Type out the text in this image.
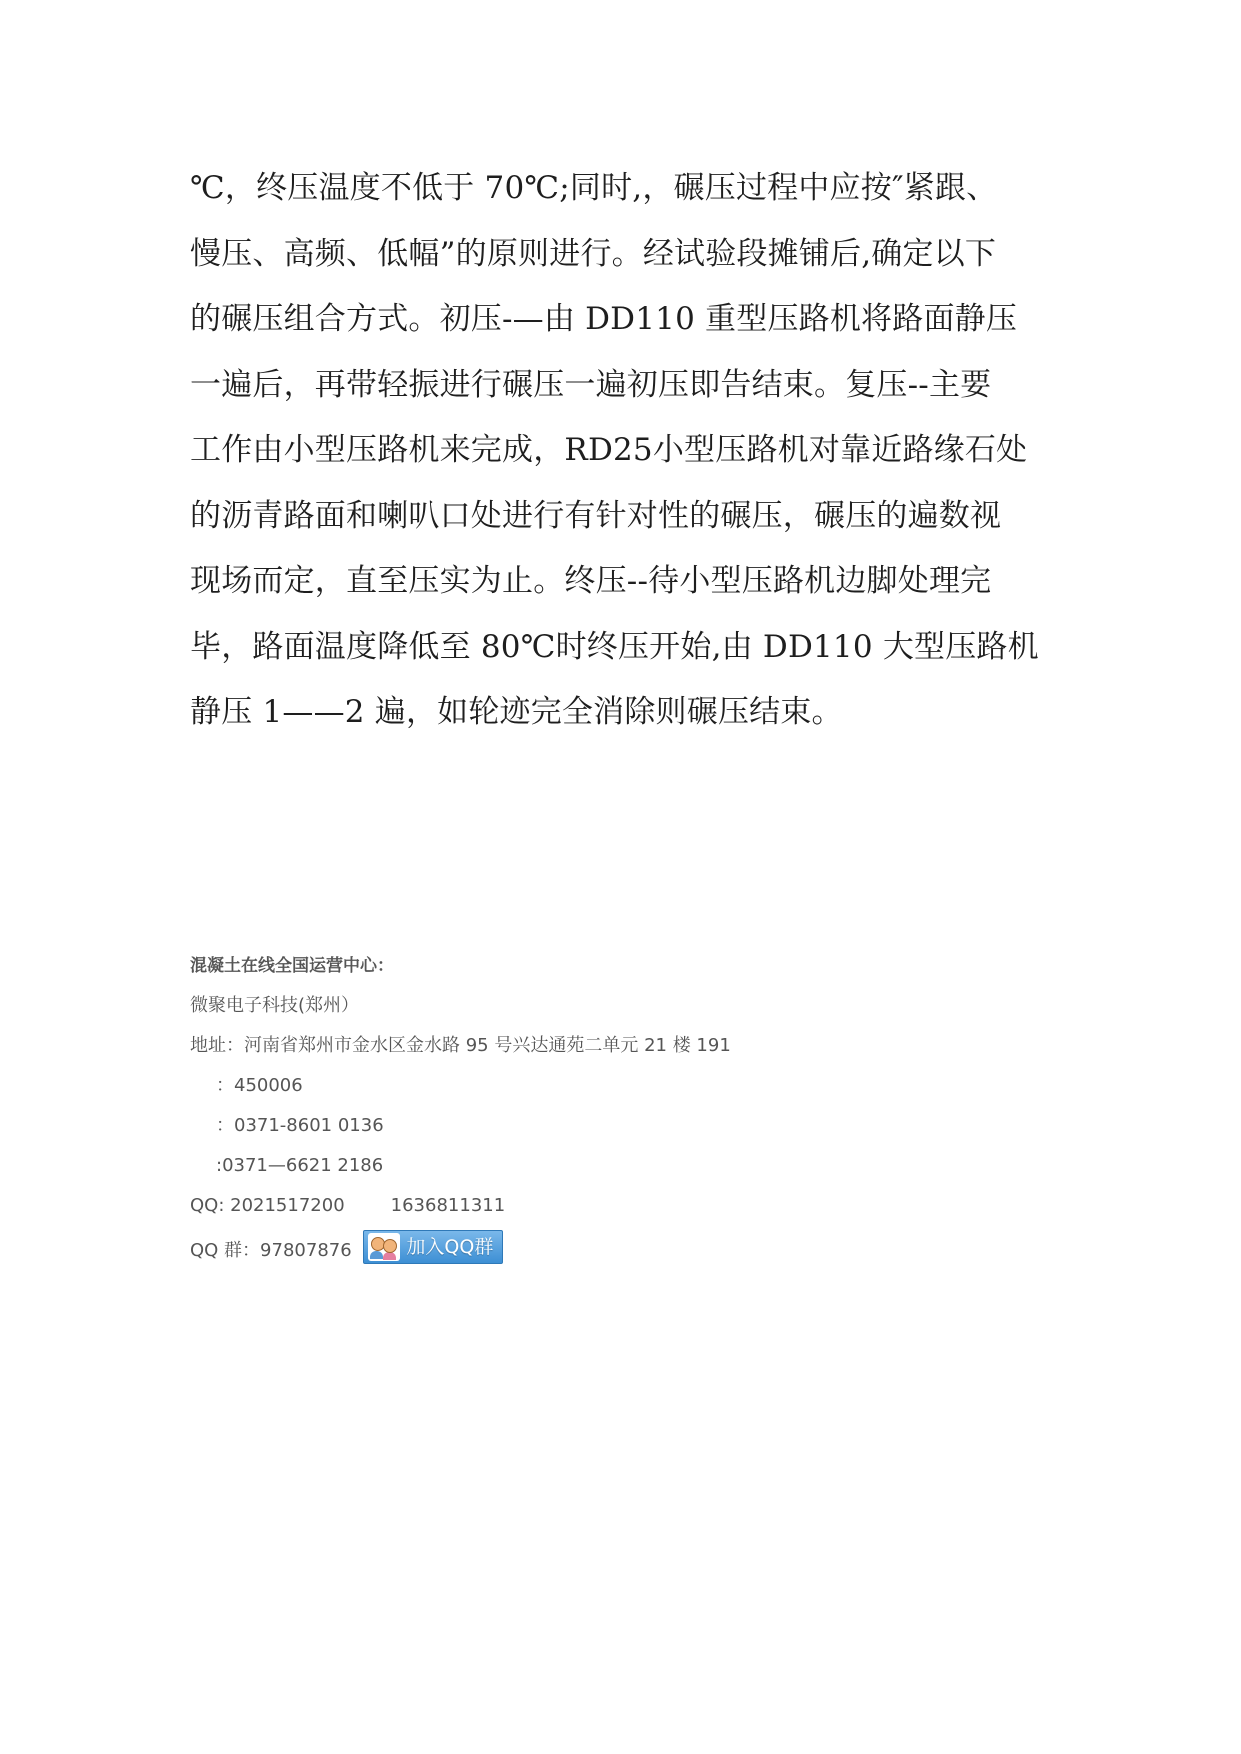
℃，终压温度不低于 70℃;同时,，碾压过程中应按″紧跟、
慢压、高频、低幅”的原则进行。经试验段摊铺后,确定以下
的碾压组合方式。初压-—由 DD110 重型压路机将路面静压
一遍后，再带轻振进行碾压一遍初压即告结束。复压--主要
工作由小型压路机来完成，RD25小型压路机对靠近路缘石处
的沥青路面和喇叭口处进行有针对性的碾压，碾压的遍数视
现场而定，直至压实为止。终压--待小型压路机边脚处理完
毕，路面温度降低至 80℃时终压开始,由 DD110 大型压路机
静压 1——2 遍，如轮迹完全消除则碾压结束。
混凝土在线全国运营中心：
微聚电子科技(郑州）
地址：河南省郑州市金水区金水路 95 号兴达通苑二单元 21 楼 191
：450006
：0371-8601 0136
:0371—6621 2186
QQ: 2021517200	1636811311
QQ 群：97807876	加入QQ群
